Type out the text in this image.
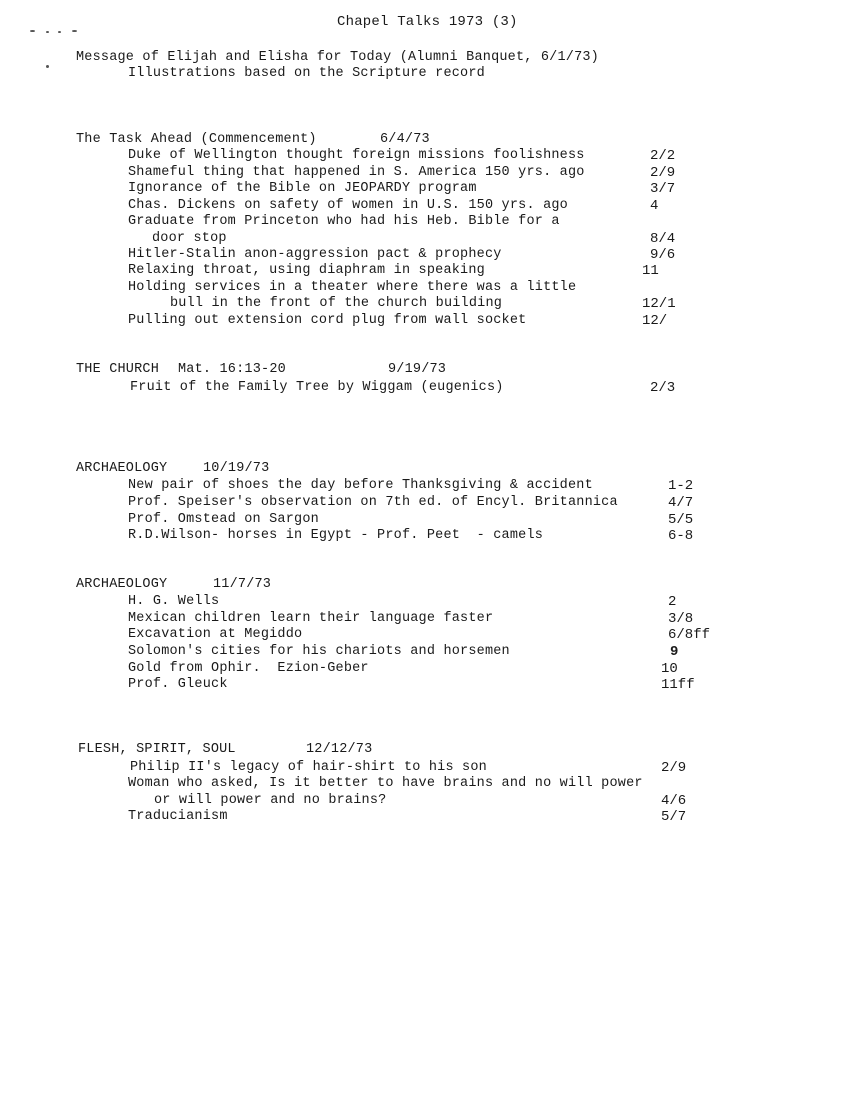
Chapel Talks 1973 (3)
Message of Elijah and Elisha for Today (Alumni Banquet, 6/1/73)
Illustrations based on the Scripture record
The Task Ahead (Commencement)	6/4/73
Duke of Wellington thought foreign missions foolishness	2/2
Shameful thing that happened in S. America 150 yrs. ago	2/9
Ignorance of the Bible on JEOPARDY program	3/7
Chas. Dickens on safety of women in U.S. 150 yrs. ago	4
Graduate from Princeton who had his Heb. Bible for a
door stop	8/4
Hitler-Stalin anon-aggression pact & prophecy	9/6
Relaxing throat, using diaphram in speaking	11
Holding services in a theater where there was a little
bull in the front of the church building	12/1
Pulling out extension cord plug from wall socket	12/
THE CHURCH Mat. 16:13-20	9/19/73
Fruit of the Family Tree by Wiggam (eugenics)	2/3
ARCHAEOLOGY	10/19/73
New pair of shoes the day before Thanksgiving & accident	1-2
Prof. Speiser's observation on 7th ed. of Encyl. Britannica	4/7
Prof. Omstead on Sargon	5/5
R.D.Wilson- horses in Egypt - Prof. Peet  - camels	6-8
ARCHAEOLOGY	11/7/73
H. G. Wells	2
Mexican children learn their language faster	3/8
Excavation at Megiddo	6/8ff
Solomon's cities for his chariots and horsemen	9
Gold from Ophir.  Ezion-Geber	10
Prof. Gleuck	11ff
FLESH, SPIRIT, SOUL	12/12/73
Philip II's legacy of hair-shirt to his son	2/9
Woman who asked, Is it better to have brains and no will power
or will power and no brains?	4/6
Traducianism	5/7
